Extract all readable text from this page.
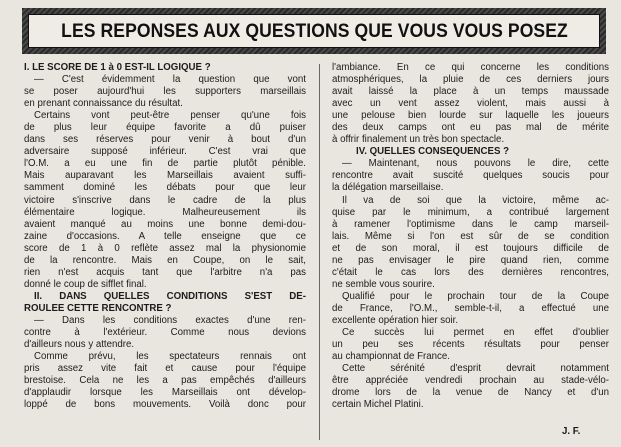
LES REPONSES AUX QUESTIONS QUE VOUS VOUS POSEZ
I. LE SCORE DE 1 à 0 EST-IL LOGIQUE ?
— C'est évidemment la question que vont
se poser aujourd'hui les supporters marseillais
en prenant connaissance du résultat.
Certains vont peut-être penser qu'une fois
de plus leur équipe favorite a dû puiser
dans ses réserves pour venir à bout d'un
adversaire supposé inférieur. C'est vrai que
l'O.M. a eu une fin de partie plutôt pénible.
Mais auparavant les Marseillais avaient suffi-
samment dominé les débats pour que leur
victoire s'inscrive dans le cadre de la plus
élémentaire logique. Malheureusement ils
avaient manqué au moins une bonne demi-dou-
zaine d'occasions. A telle enseigne que ce
score de 1 à 0 reflète assez mal la physionomie
de la rencontre. Mais en Coupe, on le sait,
rien n'est acquis tant que l'arbitre n'a pas
donné le coup de sifflet final.
II. DANS QUELLES CONDITIONS S'EST DE-
ROULEE CETTE RENCONTRE ?
— Dans les conditions exactes d'une ren-
contre à l'extérieur. Comme nous devions
d'ailleurs nous y attendre.
Comme prévu, les spectateurs rennais ont
pris assez vite fait et cause pour l'équipe
brestoise. Cela ne les a pas empêchés d'ailleurs
d'applaudir lorsque les Marseillais ont dévelop-
loppé de bons mouvements. Voilà donc pour
l'ambiance. En ce qui concerne les conditions
atmosphériques, la pluie de ces derniers jours
avait laissé la place à un temps maussade
avec un vent assez violent, mais aussi à
une pelouse bien lourde sur laquelle les joueurs
des deux camps ont eu pas mal de mérite
à offrir finalement un très bon spectacle.
IV. QUELLES CONSEQUENCES ?
— Maintenant, nous pouvons le dire, cette
rencontre avait suscité quelques soucis pour
la délégation marseillaise.
Il va de soi que la victoire, même ac-
quise par le minimum, a contribué largement
à ramener l'optimisme dans le camp marseil-
lais. Même si l'on est sûr de se condition
et de son moral, il est toujours difficile de
ne pas envisager le pire quand rien, comme
c'était le cas lors des dernières rencontres,
ne semble vous sourire.
Qualifié pour le prochain tour de la Coupe
de France, l'O.M., semble-t-il, a effectué une
excellente opération hier soir.
Ce succès lui permet en effet d'oublier
un peu ses récents résultats pour penser
au championnat de France.
Cette sérénité d'esprit devrait notamment
être appréciée vendredi prochain au stade-vélo-
drome lors de la venue de Nancy et d'un
certain Michel Platini.
J. F.
